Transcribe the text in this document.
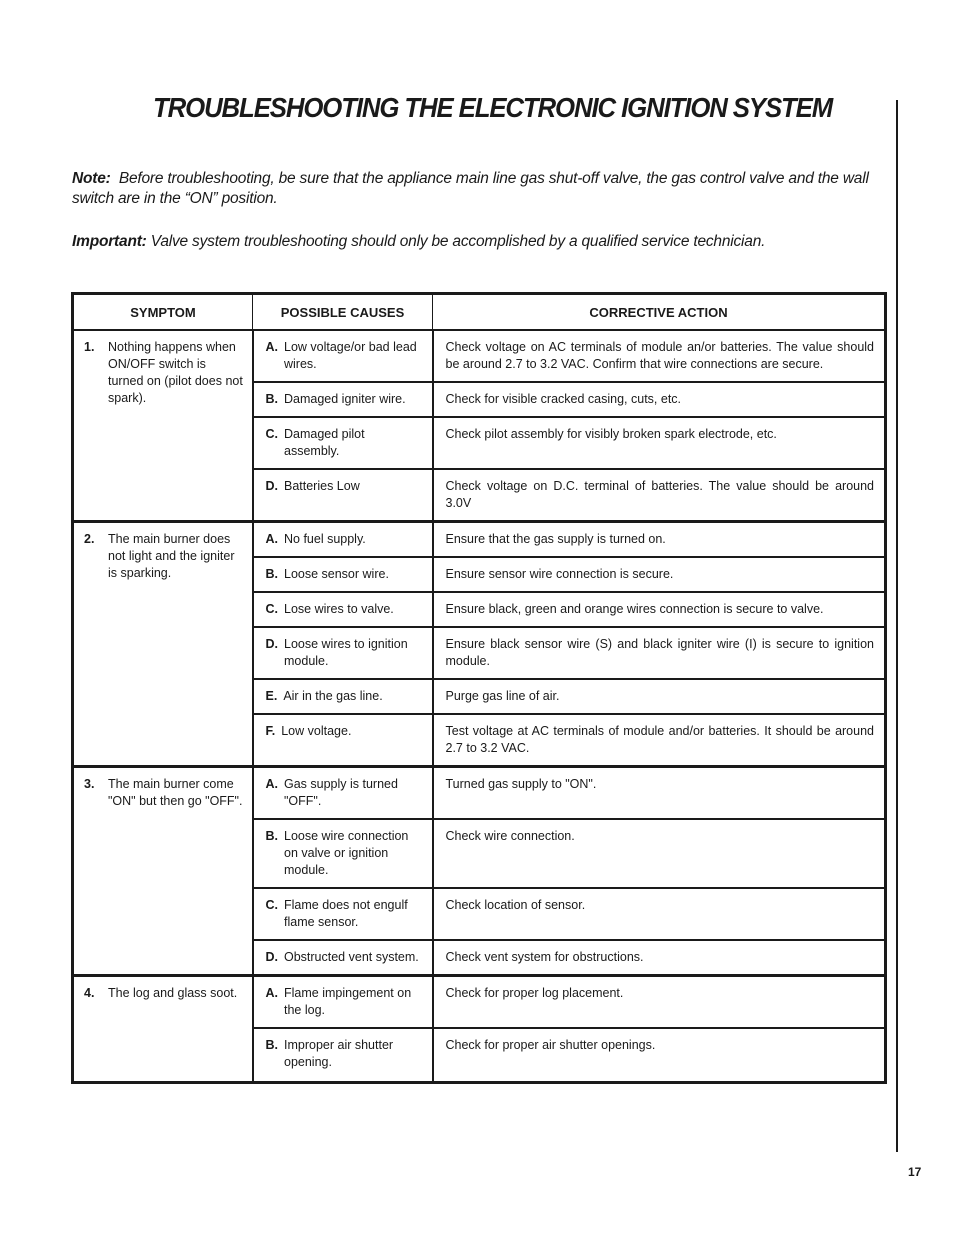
TROUBLESHOOTING THE ELECTRONIC IGNITION SYSTEM

Note: Before troubleshooting, be sure that the appliance main line gas shut-off valve, the gas control valve and the wall switch are in the “ON” position.

Important: Valve system troubleshooting should only be accomplished by a qualified service technician.

SYMPTOM	POSSIBLE CAUSES	CORRECTIVE ACTION

1. Nothing happens when ON/OFF switch is turned on (pilot does not spark).	A. Low voltage/or bad lead wires.	Check voltage on AC terminals of module an/or batteries. The value should be around 2.7 to 3.2 VAC. Confirm that wire connections are secure.

	B. Damaged igniter wire.	Check for visible cracked casing, cuts, etc.

	C. Damaged pilot assembly.	Check pilot assembly for visibly broken spark electrode, etc.

	D. Batteries Low	Check voltage on D.C. terminal of batteries. The value should be around 3.0V

2. The main burner does not light and the igniter is sparking.	A. No fuel supply.	Ensure that the gas supply is turned on.

	B. Loose sensor wire.	Ensure sensor wire connection is secure.

	C. Lose wires to valve.	Ensure black, green and orange wires connection is secure to valve.

	D. Loose wires to ignition module.	Ensure black sensor wire (S) and black igniter wire (I) is secure to ignition module.

	E. Air in the gas line.	Purge gas line of air.

	F. Low voltage.	Test voltage at AC terminals of module and/or batteries. It should be around 2.7 to 3.2 VAC.

3. The main burner come "ON" but then go "OFF".	A. Gas supply is turned "OFF".	Turned gas supply to "ON".

	B. Loose wire connection on valve or ignition module.	Check wire connection.

	C. Flame does not engulf flame sensor.	Check location of sensor.

	D. Obstructed vent system.	Check vent system for obstructions.

4. The log and glass soot.	A. Flame impingement on the log.	Check for proper log placement.

	B. Improper air shutter opening.	Check for proper air shutter openings.
17
